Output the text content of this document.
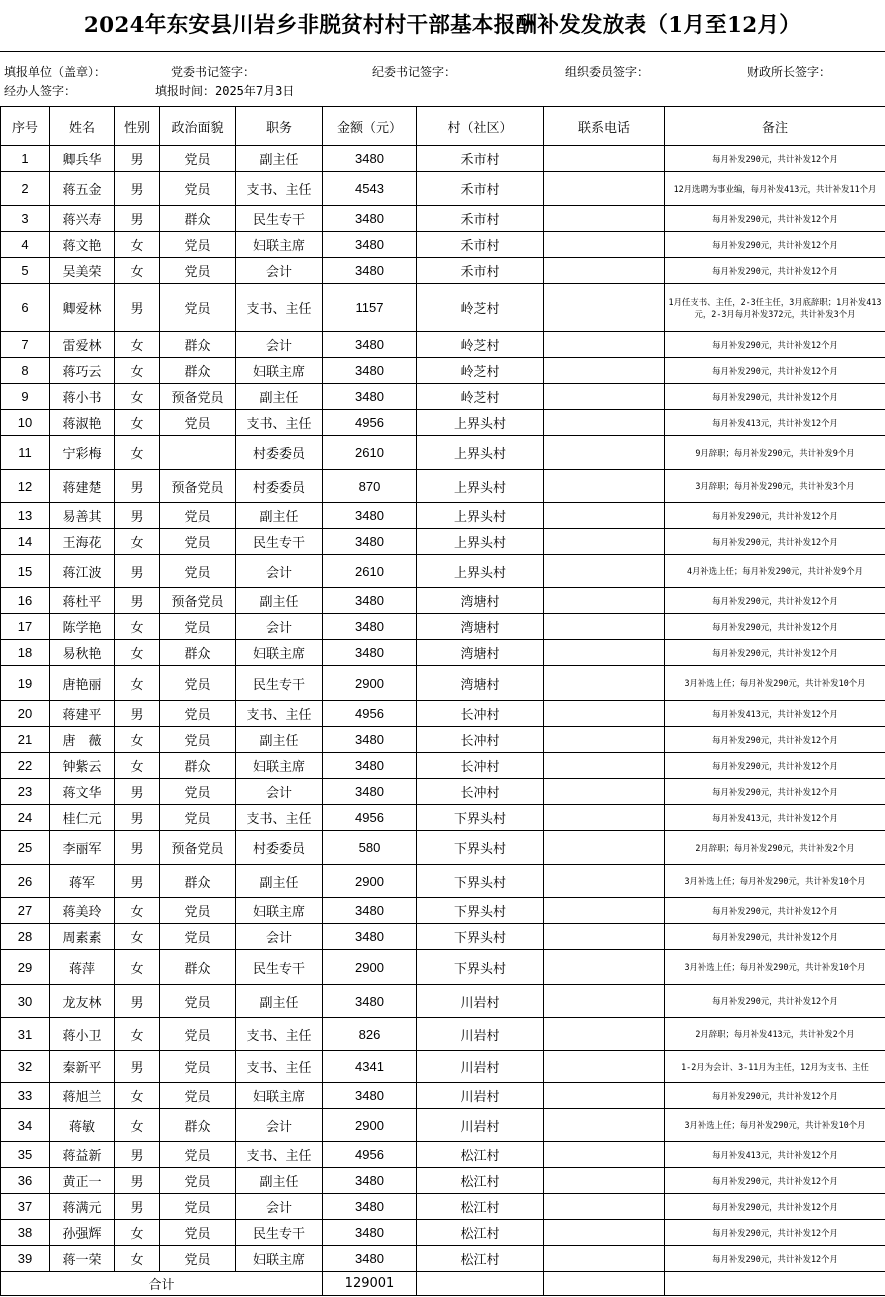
2024年东安县川岩乡非脱贫村村干部基本报酬补发发放表（1月至12月）
填报单位（盖章）：	党委书记签字：	纪委书记签字：	组织委员签字：	财政所长签字：
经办人签字：	填报时间：2025年7月3日
序号	姓名	性别	政治面貌	职务	金额（元）	村（社区）	联系电话	备注
1	卿兵华	男	党员	副主任	3480	禾市村		每月补发290元，共计补发12个月
2	蒋五金	男	党员	支书、主任	4543	禾市村		12月选聘为事业编，每月补发413元，共计补发11个月
3	蒋兴寿	男	群众	民生专干	3480	禾市村		每月补发290元，共计补发12个月
4	蒋文艳	女	党员	妇联主席	3480	禾市村		每月补发290元，共计补发12个月
5	吴美荣	女	党员	会计	3480	禾市村		每月补发290元，共计补发12个月
6	卿爱林	男	党员	支书、主任	1157	岭芝村		1月任支书、主任，2-3任主任，3月底辞职；1月补发413元，2-3月每月补发372元，共计补发3个月
7	雷爱林	女	群众	会计	3480	岭芝村		每月补发290元，共计补发12个月
8	蒋巧云	女	群众	妇联主席	3480	岭芝村		每月补发290元，共计补发12个月
9	蒋小书	女	预备党员	副主任	3480	岭芝村		每月补发290元，共计补发12个月
10	蒋淑艳	女	党员	支书、主任	4956	上界头村		每月补发413元，共计补发12个月
11	宁彩梅	女		村委委员	2610	上界头村		9月辞职；每月补发290元，共计补发9个月
12	蒋建楚	男	预备党员	村委委员	870	上界头村		3月辞职；每月补发290元，共计补发3个月
13	易善其	男	党员	副主任	3480	上界头村		每月补发290元，共计补发12个月
14	王海花	女	党员	民生专干	3480	上界头村		每月补发290元，共计补发12个月
15	蒋江波	男	党员	会计	2610	上界头村		4月补选上任；每月补发290元，共计补发9个月
16	蒋杜平	男	预备党员	副主任	3480	湾塘村		每月补发290元，共计补发12个月
17	陈学艳	女	党员	会计	3480	湾塘村		每月补发290元，共计补发12个月
18	易秋艳	女	群众	妇联主席	3480	湾塘村		每月补发290元，共计补发12个月
19	唐艳丽	女	党员	民生专干	2900	湾塘村		3月补选上任；每月补发290元，共计补发10个月
20	蒋建平	男	党员	支书、主任	4956	长冲村		每月补发413元，共计补发12个月
21	唐　薇	女	党员	副主任	3480	长冲村		每月补发290元，共计补发12个月
22	钟紫云	女	群众	妇联主席	3480	长冲村		每月补发290元，共计补发12个月
23	蒋文华	男	党员	会计	3480	长冲村		每月补发290元，共计补发12个月
24	桂仁元	男	党员	支书、主任	4956	下界头村		每月补发413元，共计补发12个月
25	李丽军	男	预备党员	村委委员	580	下界头村		2月辞职；每月补发290元，共计补发2个月
26	蒋军	男	群众	副主任	2900	下界头村		3月补选上任；每月补发290元，共计补发10个月
27	蒋美玲	女	党员	妇联主席	3480	下界头村		每月补发290元，共计补发12个月
28	周素素	女	党员	会计	3480	下界头村		每月补发290元，共计补发12个月
29	蒋萍	女	群众	民生专干	2900	下界头村		3月补选上任；每月补发290元，共计补发10个月
30	龙友林	男	党员	副主任	3480	川岩村		每月补发290元，共计补发12个月
31	蒋小卫	女	党员	支书、主任	826	川岩村		2月辞职；每月补发413元，共计补发2个月
32	秦新平	男	党员	支书、主任	4341	川岩村		1-2月为会计、3-11月为主任，12月为支书、主任
33	蒋旭兰	女	党员	妇联主席	3480	川岩村		每月补发290元，共计补发12个月
34	蒋敏	女	群众	会计	2900	川岩村		3月补选上任；每月补发290元，共计补发10个月
35	蒋益新	男	党员	支书、主任	4956	松江村		每月补发413元，共计补发12个月
36	黄正一	男	党员	副主任	3480	松江村		每月补发290元，共计补发12个月
37	蒋满元	男	党员	会计	3480	松江村		每月补发290元，共计补发12个月
38	孙强辉	女	党员	民生专干	3480	松江村		每月补发290元，共计补发12个月
39	蒋一荣	女	党员	妇联主席	3480	松江村		每月补发290元，共计补发12个月
合计					129001			
